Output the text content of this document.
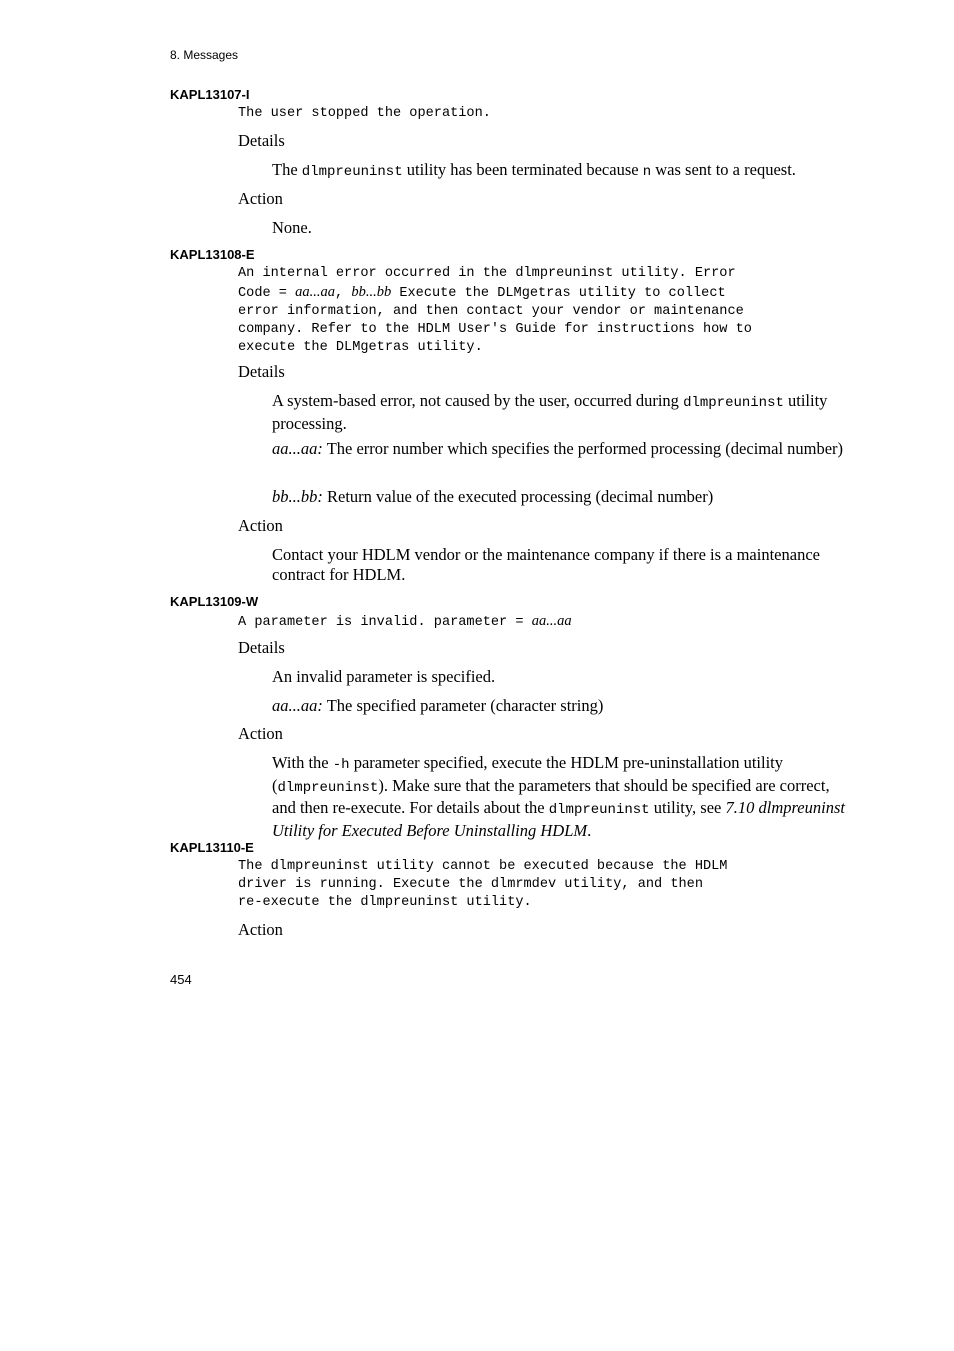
8. Messages
KAPL13107-I
The user stopped the operation.
Details
The dlmpreuninst utility has been terminated because n was sent to a request.
Action
None.
KAPL13108-E
An internal error occurred in the dlmpreuninst utility. Error
Code = aa...aa, bb...bb Execute the DLMgetras utility to collect
error information, and then contact your vendor or maintenance
company. Refer to the HDLM User's Guide for instructions how to
execute the DLMgetras utility.
Details
A system-based error, not caused by the user, occurred during dlmpreuninst utility processing.
aa...aa: The error number which specifies the performed processing (decimal number)
bb...bb: Return value of the executed processing (decimal number)
Action
Contact your HDLM vendor or the maintenance company if there is a maintenance contract for HDLM.
KAPL13109-W
A parameter is invalid. parameter = aa...aa
Details
An invalid parameter is specified.
aa...aa: The specified parameter (character string)
Action
With the -h parameter specified, execute the HDLM pre-uninstallation utility (dlmpreuninst). Make sure that the parameters that should be specified are correct, and then re-execute. For details about the dlmpreuninst utility, see 7.10 dlmpreuninst Utility for Executed Before Uninstalling HDLM.
KAPL13110-E
The dlmpreuninst utility cannot be executed because the HDLM
driver is running. Execute the dlmrmdev utility, and then
re-execute the dlmpreuninst utility.
Action
454
